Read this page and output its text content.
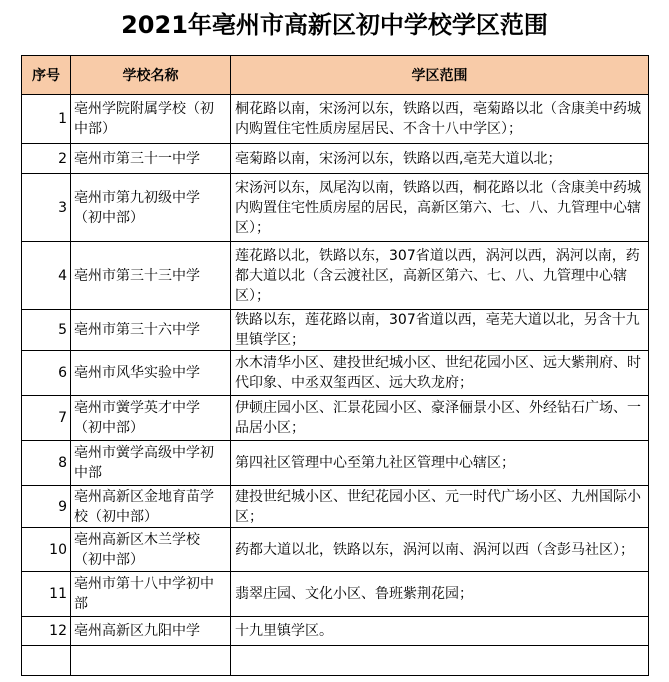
2021年亳州市高新区初中学校学区范围
序号	学校名称	学区范围
1	亳州学院附属学校（初中部）	桐花路以南，宋汤河以东，铁路以西，亳菊路以北（含康美中药城内购置住宅性质房屋居民、不含十八中学区）；
2	亳州市第三十一中学	亳菊路以南，宋汤河以东，铁路以西,亳芜大道以北；
3	亳州市第九初级中学（初中部）	宋汤河以东，凤尾沟以南，铁路以西，桐花路以北（含康美中药城内购置住宅性质房屋的居民，高新区第六、七、八、九管理中心辖区）；
4	亳州市第三十三中学	莲花路以北，铁路以东，307省道以西，涡河以西，涡河以南，药都大道以北（含云渡社区，高新区第六、七、八、九管理中心辖区）；
5	亳州市第三十六中学	铁路以东，莲花路以南，307省道以西，亳芜大道以北，另含十九里镇学区；
6	亳州市风华实验中学	水木清华小区、建投世纪城小区、世纪花园小区、远大紫荆府、时代印象、中丞双玺西区、远大玖龙府；
7	亳州市黉学英才中学（初中部）	伊顿庄园小区、汇景花园小区、豪泽俪景小区、外经钻石广场、一品居小区；
8	亳州市黉学高级中学初中部	第四社区管理中心至第九社区管理中心辖区；
9	亳州高新区金地育苗学校（初中部）	建投世纪城小区、世纪花园小区、元一时代广场小区、九州国际小区；
10	亳州高新区木兰学校（初中部）	药都大道以北，铁路以东，涡河以南、涡河以西（含彭马社区）；
11	亳州市第十八中学初中部	翡翠庄园、文化小区、鲁班紫荆花园；
12	亳州高新区九阳中学	十九里镇学区。
